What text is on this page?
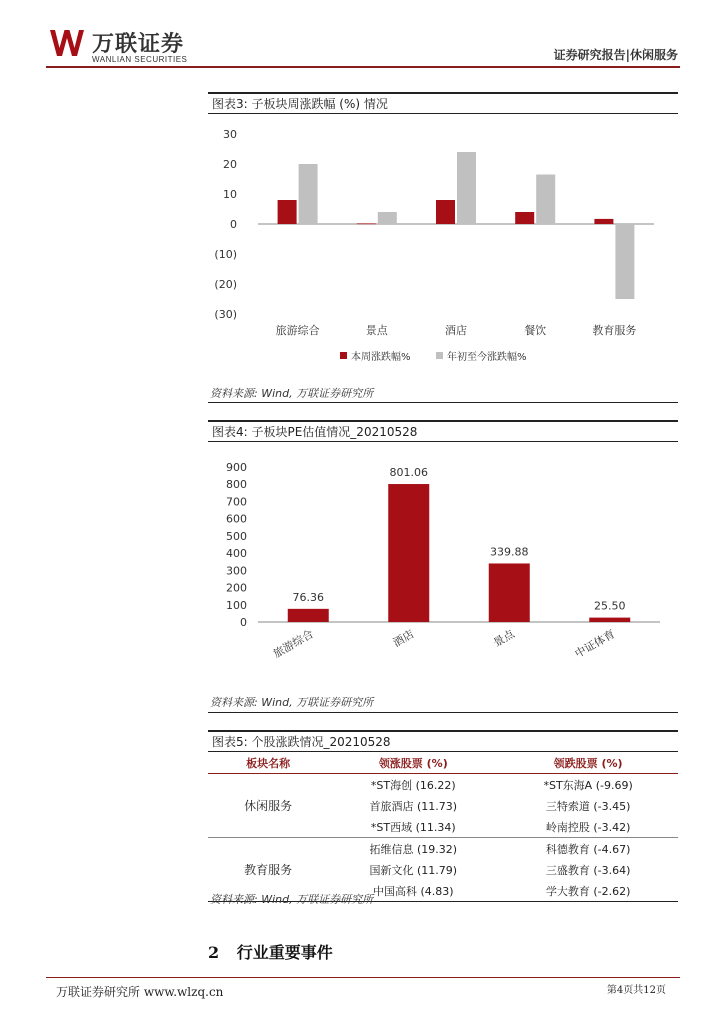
万联证券
WANLIAN SECURITIES	证券研究报告|休闲服务
图表3: 子板块周涨跌幅 (%) 情况
30
20
10
0
(10)
(20)
(30)
旅游综合	景点	酒店	餐饮	教育服务
本周涨跌幅%	年初至今涨跌幅%
资料来源: Wind, 万联证券研究所
图表4: 子板块PE估值情况_20210528
900
800
700
600
500
400
300
200
100
0
76.36
旅游综合
801.06
酒店
339.88
景点
25.50
中证体育
资料来源: Wind, 万联证券研究所
图表5: 个股涨跌情况_20210528
板块名称	领涨股票 (%)	领跌股票 (%)
休闲服务	*ST海创 (16.22)	*ST东海A (-9.69)
	首旅酒店 (11.73)	三特索道 (-3.45)
	*ST西域 (11.34)	岭南控股 (-3.42)
教育服务	拓维信息 (19.32)	科德教育 (-4.67)
	国新文化 (11.79)	三盛教育 (-3.64)
	中国高科 (4.83)	学大教育 (-2.62)
资料来源: Wind, 万联证券研究所
2 行业重要事件
万联证券研究所 www.wlzq.cn	第4页共12页
